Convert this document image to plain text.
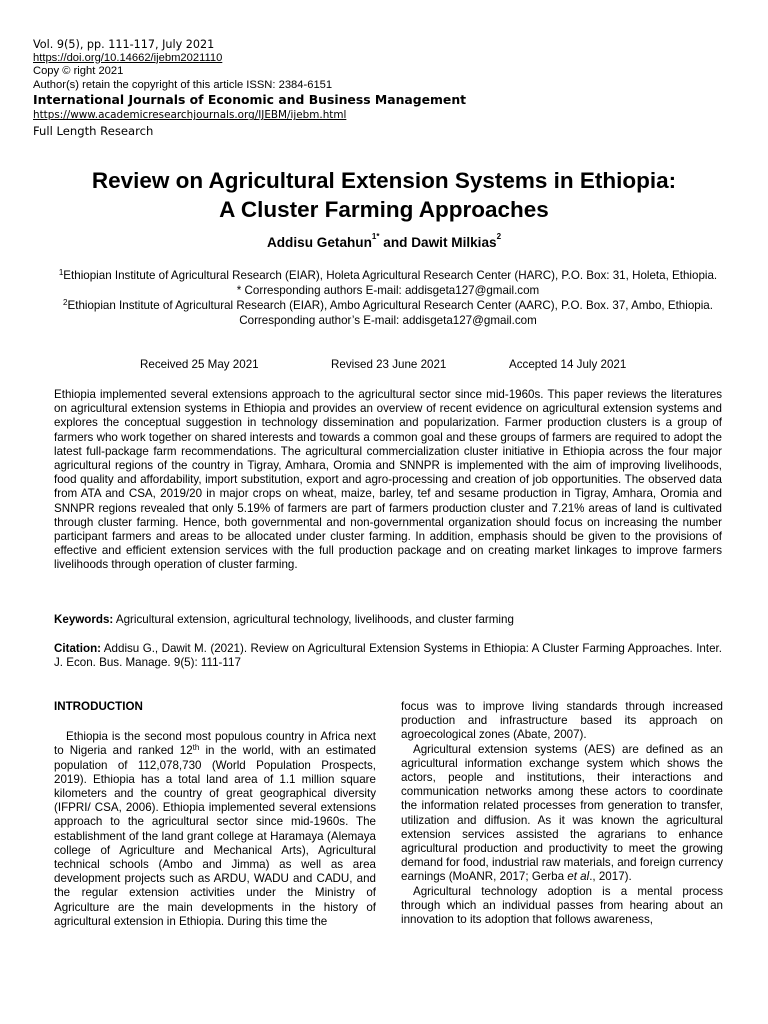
Vol. 9(5), pp. 111-117, July 2021
https://doi.org/10.14662/ijebm2021110
Copy © right 2021
Author(s) retain the copyright of this article ISSN: 2384-6151
International Journals of Economic and Business Management
https://www.academicresearchjournals.org/IJEBM/ijebm.html
Full Length Research
Review on Agricultural Extension Systems in Ethiopia:
A Cluster Farming Approaches
Addisu Getahun$^{1*}$ and Dawit Milkias$^2$
$^1$Ethiopian Institute of Agricultural Research (EIAR), Holeta Agricultural Research Center (HARC), P.O. Box: 31, Holeta, Ethiopia. * Corresponding authors E-mail: addisgeta127@gmail.com
$^2$Ethiopian Institute of Agricultural Research (EIAR), Ambo Agricultural Research Center (AARC), P.O. Box. 37, Ambo, Ethiopia. Corresponding author’s E-mail: addisgeta127@gmail.com
Received 25 May 2021	Revised 23 June 2021	Accepted 14 July 2021

Ethiopia implemented several extensions approach to the agricultural sector since mid-1960s. This paper reviews the literatures on agricultural extension systems in Ethiopia and provides an overview of recent evidence on agricultural extension systems and explores the conceptual suggestion in technology dissemination and popularization. Farmer production clusters is a group of farmers who work together on shared interests and towards a common goal and these groups of farmers are required to adopt the latest full-package farm recommendations. The agricultural commercialization cluster initiative in Ethiopia across the four major agricultural regions of the country in Tigray, Amhara, Oromia and SNNPR is implemented with the aim of improving livelihoods, food quality and affordability, import substitution, export and agro-processing and creation of job opportunities. The observed data from ATA and CSA, 2019/20 in major crops on wheat, maize, barley, tef and sesame production in Tigray, Amhara, Oromia and SNNPR regions revealed that only 5.19% of farmers are part of farmers production cluster and 7.21% areas of land is cultivated through cluster farming. Hence, both governmental and non-governmental organization should focus on increasing the number participant farmers and areas to be allocated under cluster farming. In addition, emphasis should be given to the provisions of effective and efficient extension services with the full production package and on creating market linkages to improve farmers livelihoods through operation of cluster farming.

Keywords: Agricultural extension, agricultural technology, livelihoods, and cluster farming
Citation: Addisu G., Dawit M. (2021). Review on Agricultural Extension Systems in Ethiopia: A Cluster Farming Approaches. Inter. J. Econ. Bus. Manage. 9(5): 111-117

INTRODUCTION

Ethiopia is the second most populous country in Africa next to Nigeria and ranked 12th in the world, with an estimated population of 112,078,730 (World Population Prospects, 2019). Ethiopia has a total land area of 1.1 million square kilometers and the country of great geographical diversity (IFPRI/ CSA, 2006). Ethiopia implemented several extensions approach to the agricultural sector since mid-1960s. The establishment of the land grant college at Haramaya (Alemaya college of Agriculture and Mechanical Arts), Agricultural technical schools (Ambo and Jimma) as well as area development projects such as ARDU, WADU and CADU, and the regular extension activities under the Ministry of Agriculture are the main developments in the history of agricultural extension in Ethiopia. During this time the

focus was to improve living standards through increased production and infrastructure based its approach on agroecological zones (Abate, 2007).

Agricultural extension systems (AES) are defined as an agricultural information exchange system which shows the actors, people and institutions, their interactions and communication networks among these actors to coordinate the information related processes from generation to transfer, utilization and diffusion. As it was known the agricultural extension services assisted the agrarians to enhance agricultural production and productivity to meet the growing demand for food, industrial raw materials, and foreign currency earnings (MoANR, 2017; Gerba et al., 2017).

Agricultural technology adoption is a mental process through which an individual passes from hearing about an innovation to its adoption that follows awareness,
